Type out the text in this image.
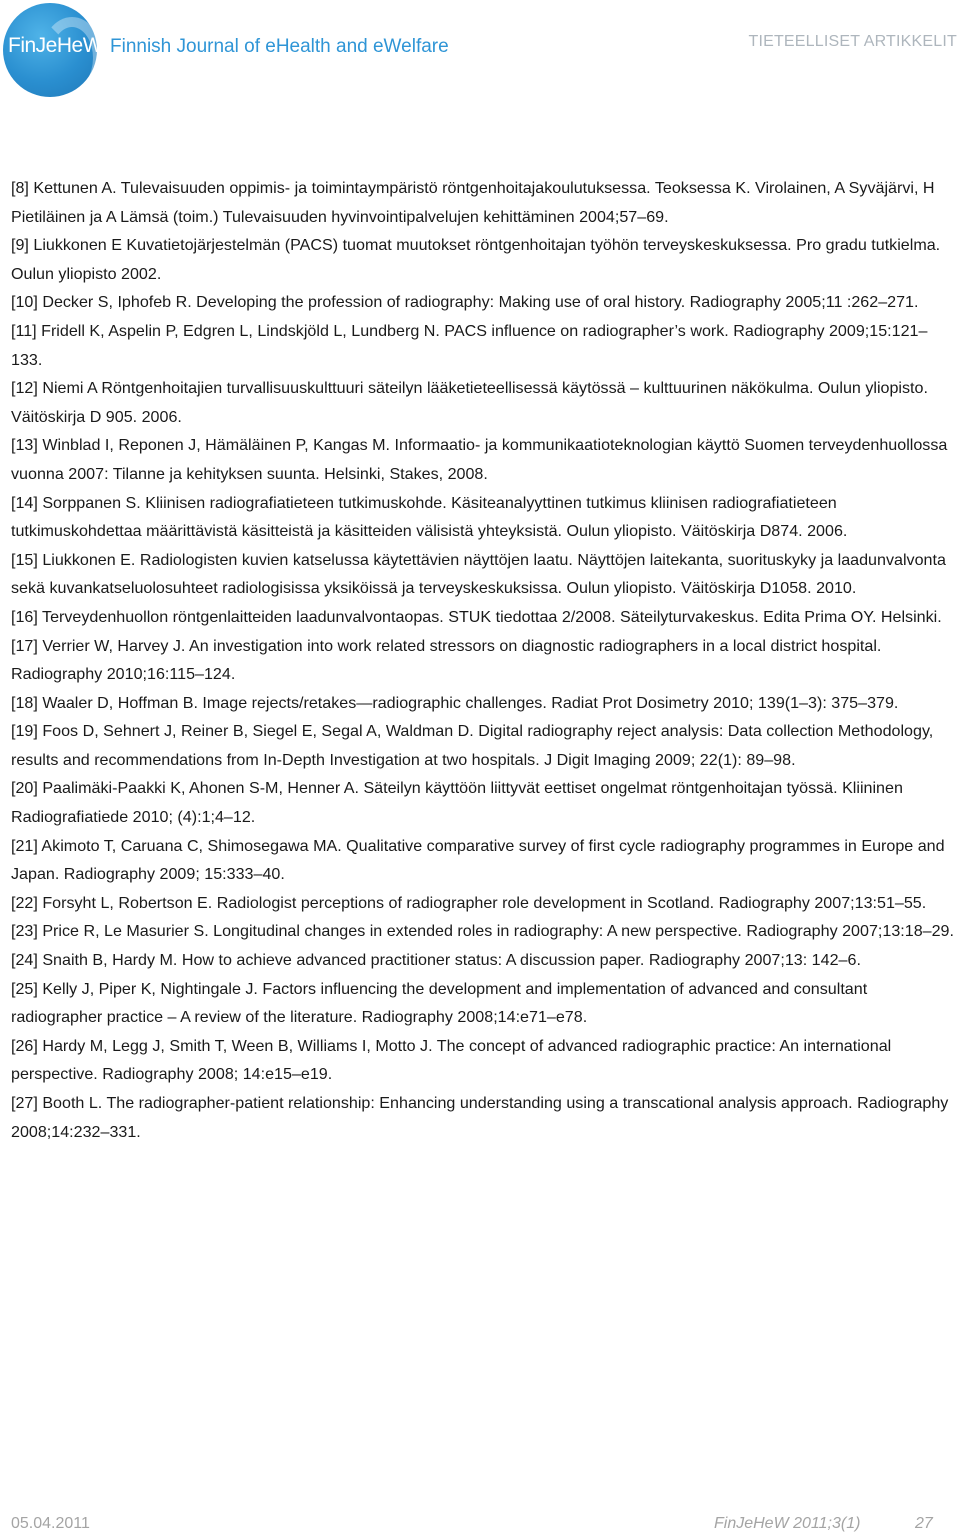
FinJeHeW Finnish Journal of eHealth and eWelfare	TIETEELLISET ARTIKKELIT
[8] Kettunen A. Tulevaisuuden oppimis- ja toimintaympäristö röntgenhoitajakoulutuksessa. Teoksessa K. Virolainen, A Syväjärvi, H Pietiläinen ja A Lämsä (toim.) Tulevaisuuden hyvinvointipalvelujen kehittäminen 2004;57–69.
[9] Liukkonen E Kuvatietojärjestelmän (PACS) tuomat muutokset röntgenhoitajan työhön terveyskeskuksessa. Pro gradu tutkielma. Oulun yliopisto 2002.
[10] Decker S, Iphofeb R. Developing the profession of radiography: Making use of oral history. Radiography 2005;11 :262–271.
[11] Fridell K, Aspelin P, Edgren L, Lindskjöld L, Lundberg N. PACS influence on radiographer’s work. Radiography 2009;15:121–133.
[12] Niemi A Röntgenhoitajien turvallisuuskulttuuri säteilyn lääketieteellisessä käytössä – kulttuurinen näkökulma. Oulun yliopisto. Väitöskirja D 905. 2006.
[13] Winblad I, Reponen J, Hämäläinen P, Kangas M. Informaatio- ja kommunikaatioteknologian käyttö Suomen terveydenhuollossa vuonna 2007: Tilanne ja kehityksen suunta. Helsinki, Stakes, 2008.
[14] Sorppanen S. Kliinisen radiografiatieteen tutkimuskohde. Käsiteanalyyttinen tutkimus kliinisen radiografiatieteen tutkimuskohdettaa määrittävistä käsitteistä ja käsitteiden välisistä yhteyksistä. Oulun yliopisto. Väitöskirja D874. 2006.
[15] Liukkonen E. Radiologisten kuvien katselussa käytettävien näyttöjen laatu. Näyttöjen laitekanta, suorituskyky ja laadunvalvonta sekä kuvankatseluolosuhteet radiologisissa yksiköissä ja terveyskeskuksissa. Oulun yliopisto. Väitöskirja D1058. 2010.
[16] Terveydenhuollon röntgenlaitteiden laadunvalvontaopas. STUK tiedottaa 2/2008. Säteilyturvakeskus. Edita Prima OY. Helsinki.
[17] Verrier W, Harvey J. An investigation into work related stressors on diagnostic radiographers in a local district hospital. Radiography 2010;16:115–124.
[18] Waaler D, Hoffman B. Image rejects/retakes—radiographic challenges. Radiat Prot Dosimetry 2010; 139(1–3): 375–379.
[19] Foos D, Sehnert J, Reiner B, Siegel E, Segal A, Waldman D. Digital radiography reject analysis: Data collection Methodology, results and recommendations from In-Depth Investigation at two hospitals. J Digit Imaging 2009; 22(1): 89–98.
[20] Paalimäki-Paakki K, Ahonen S-M, Henner A. Säteilyn käyttöön liittyvät eettiset ongelmat röntgenhoitajan työssä. Kliininen Radiografiatiede 2010; (4):1;4–12.
[21] Akimoto T, Caruana C, Shimosegawa MA. Qualitative comparative survey of first cycle radiography programmes in Europe and Japan. Radiography 2009; 15:333–40.
[22] Forsyht L, Robertson E. Radiologist perceptions of radiographer role development in Scotland. Radiography 2007;13:51–55.
[23] Price R, Le Masurier S. Longitudinal changes in extended roles in radiography: A new perspective. Radiography 2007;13:18–29.
[24] Snaith B, Hardy M. How to achieve advanced practitioner status: A discussion paper. Radiography 2007;13: 142–6.
[25] Kelly J, Piper K, Nightingale J. Factors influencing the development and implementation of advanced and consultant radiographer practice – A review of the literature. Radiography 2008;14:e71–e78.
[26] Hardy M, Legg J, Smith T, Ween B, Williams I, Motto J. The concept of advanced radiographic practice: An international perspective. Radiography 2008; 14:e15–e19.
[27] Booth L. The radiographer-patient relationship: Enhancing understanding using a transcational analysis approach. Radiography 2008;14:232–331.
05.04.2011	FinJeHeW 2011;3(1)	27
